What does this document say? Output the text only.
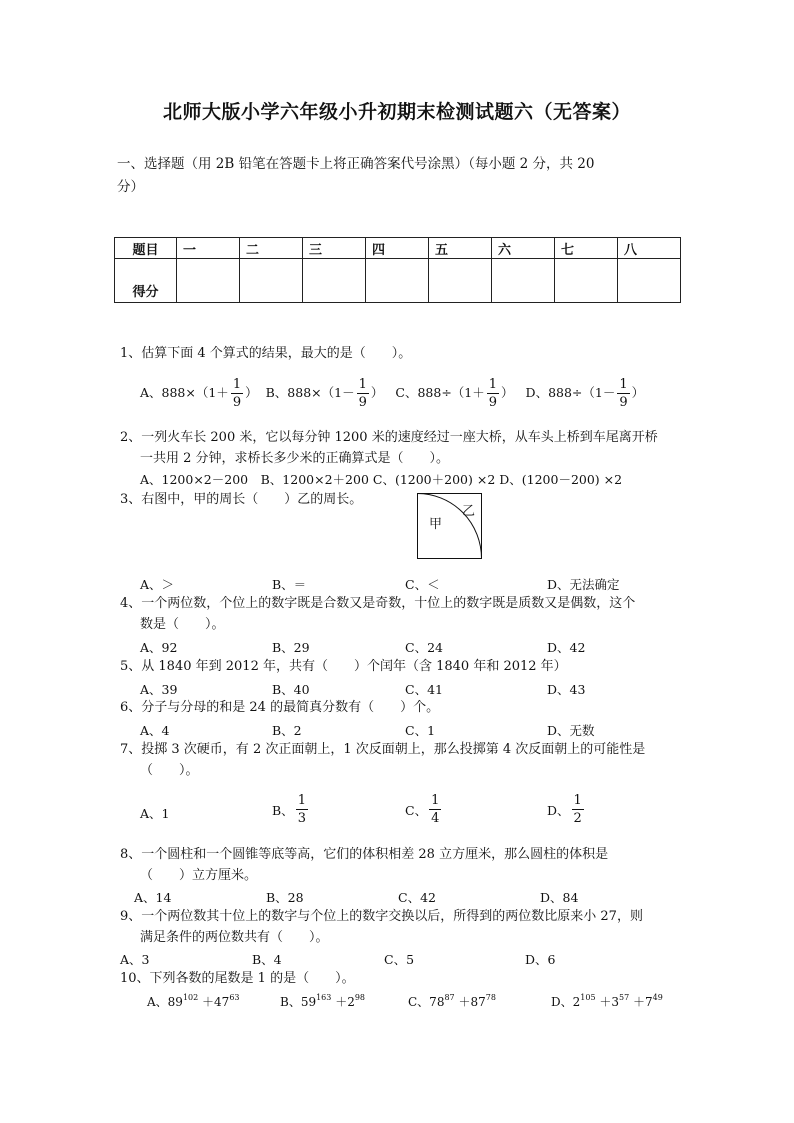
北师大版小学六年级小升初期末检测试题六（无答案）
一、选择题（用 2B 铅笔在答题卡上将正确答案代号涂黑）（每小题 2 分，共 20
分）
题目	一	二	三	四	五	六	七	八
得分								
1、估算下面 4 个算式的结果，最大的是（　　）。
A、$888\times(1+ \frac{1}{9}$ ） B、$888\times(1- \frac{1}{9}$ ） C、$888\div(1+ \frac{1}{9}$ ） D、$888\div(1- \frac{1}{9}$ ）
2、一列火车长 200 米，它以每分钟 1200 米的速度经过一座大桥，从车头上桥到车尾离开桥
一共用 2 分钟，求桥长多少米的正确算式是（　　）。
A、1200×2－200　B、1200×2＋200 C、(1200＋200) ×2 D、(1200－200) ×2
3、右图中，甲的周长（　　）乙的周长。
甲
乙
A、＞	B、＝	C、＜	D、无法确定
4、一个两位数，个位上的数字既是合数又是奇数，十位上的数字既是质数又是偶数，这个
数是（　　）。
A、92	B、29	C、24	D、42
5、从 1840 年到 2012 年，共有（　　）个闰年（含 1840 年和 2012 年）
A、39	B、40	C、41	D、43
6、分子与分母的和是 24 的最简真分数有（　　）个。
A、4	B、2	C、1	D、无数
7、投掷 3 次硬币，有 2 次正面朝上，1 次反面朝上，那么投掷第 4 次反面朝上的可能性是
（　　）。
A、1	B、 $\frac{1}{3}$	C、 $\frac{1}{4}$	D、 $\frac{1}{2}$
8、一个圆柱和一个圆锥等底等高，它们的体积相差 28 立方厘米，那么圆柱的体积是
（　　）立方厘米。
A、14	B、28	C、42	D、84
9、一个两位数其十位上的数字与个位上的数字交换以后，所得到的两位数比原来小 27，则
满足条件的两位数共有（　　）。
A、3	B、4	C、5	D、6
10、下列各数的尾数是 1 的是（　　）。
A、$89^{102} +47^{63}$	B、$59^{163} +2^{98}$	C、$78^{87} +87^{78}$	D、$2^{105} +3^{57} +7^{49}$
